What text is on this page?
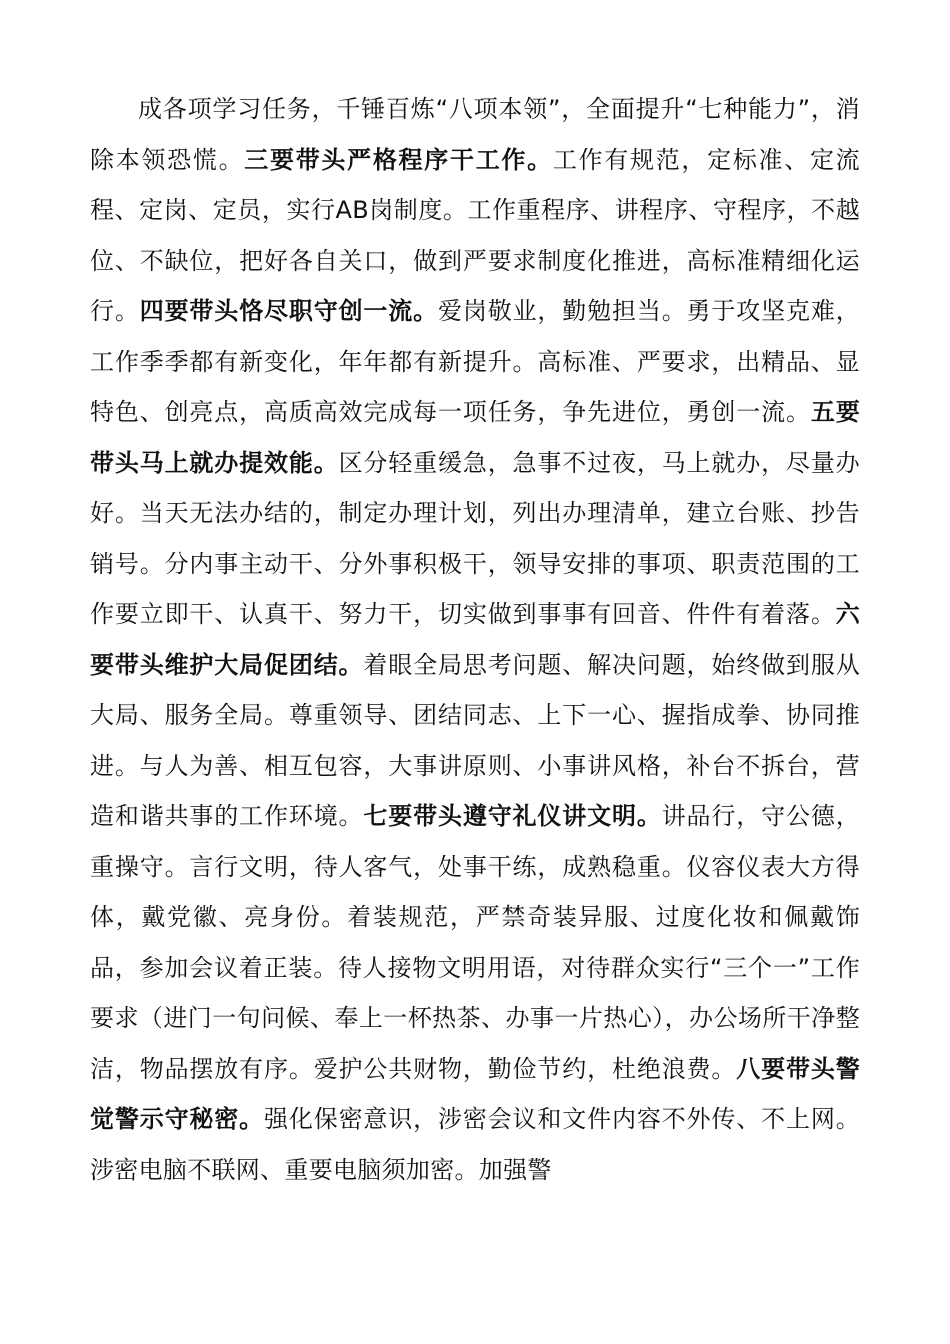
成各项学习任务，千锤百炼“八项本领”，全面提升“七种能力”，消除本领恐慌。三要带头严格程序干工作。工作有规范，定标准、定流程、定岗、定员，实行AB岗制度。工作重程序、讲程序、守程序，不越位、不缺位，把好各自关口，做到严要求制度化推进，高标准精细化运行。四要带头恪尽职守创一流。爱岗敬业，勤勉担当。勇于攻坚克难，工作季季都有新变化，年年都有新提升。高标准、严要求，出精品、显特色、创亮点，高质高效完成每一项任务，争先进位，勇创一流。五要带头马上就办提效能。区分轻重缓急，急事不过夜，马上就办，尽量办好。当天无法办结的，制定办理计划，列出办理清单，建立台账、抄告销号。分内事主动干、分外事积极干，领导安排的事项、职责范围的工作要立即干、认真干、努力干，切实做到事事有回音、件件有着落。六要带头维护大局促团结。着眼全局思考问题、解决问题，始终做到服从大局、服务全局。尊重领导、团结同志、上下一心、握指成拳、协同推进。与人为善、相互包容，大事讲原则、小事讲风格，补台不拆台，营造和谐共事的工作环境。七要带头遵守礼仪讲文明。讲品行，守公德，重操守。言行文明，待人客气，处事干练，成熟稳重。仪容仪表大方得体，戴党徽、亮身份。着装规范，严禁奇装异服、过度化妆和佩戴饰品，参加会议着正装。待人接物文明用语，对待群众实行“三个一”工作要求（进门一句问候、奉上一杯热茶、办事一片热心），办公场所干净整洁，物品摆放有序。爱护公共财物，勤俭节约，杜绝浪费。八要带头警觉警示守秘密。强化保密意识，涉密会议和文件内容不外传、不上网。涉密电脑不联网、重要电脑须加密。加强警
